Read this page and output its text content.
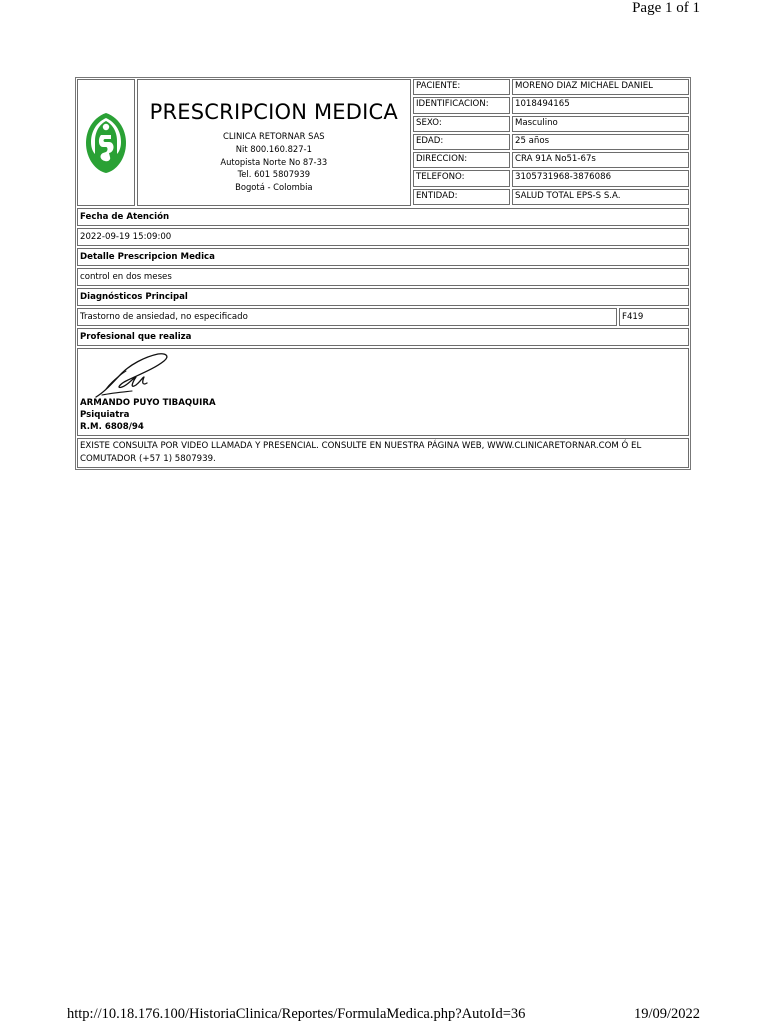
Page 1 of 1
PRESCRIPCION MEDICA
CLINICA RETORNAR SAS
Nit 800.160.827-1
Autopista Norte No 87-33
Tel. 601 5807939
Bogotá - Colombia
PACIENTE:	MORENO DIAZ MICHAEL DANIEL
IDENTIFICACION:	1018494165
SEXO:	Masculino
EDAD:	25 años
DIRECCION:	CRA 91A No51-67s
TELEFONO:	3105731968-3876086
ENTIDAD:	SALUD TOTAL EPS-S S.A.
Fecha de Atención
2022-09-19 15:09:00
Detalle Prescripcion Medica
control en dos meses
Diagnósticos Principal
Trastorno de ansiedad, no especificado	F419
Profesional que realiza
ARMANDO PUYO TIBAQUIRA
Psiquiatra
R.M. 6808/94
EXISTE CONSULTA POR VIDEO LLAMADA Y PRESENCIAL. CONSULTE EN NUESTRA PÁGINA WEB, WWW.CLINICARETORNAR.COM Ó EL COMUTADOR (+57 1) 5807939.
http://10.18.176.100/HistoriaClinica/Reportes/FormulaMedica.php?AutoId=36	19/09/2022
